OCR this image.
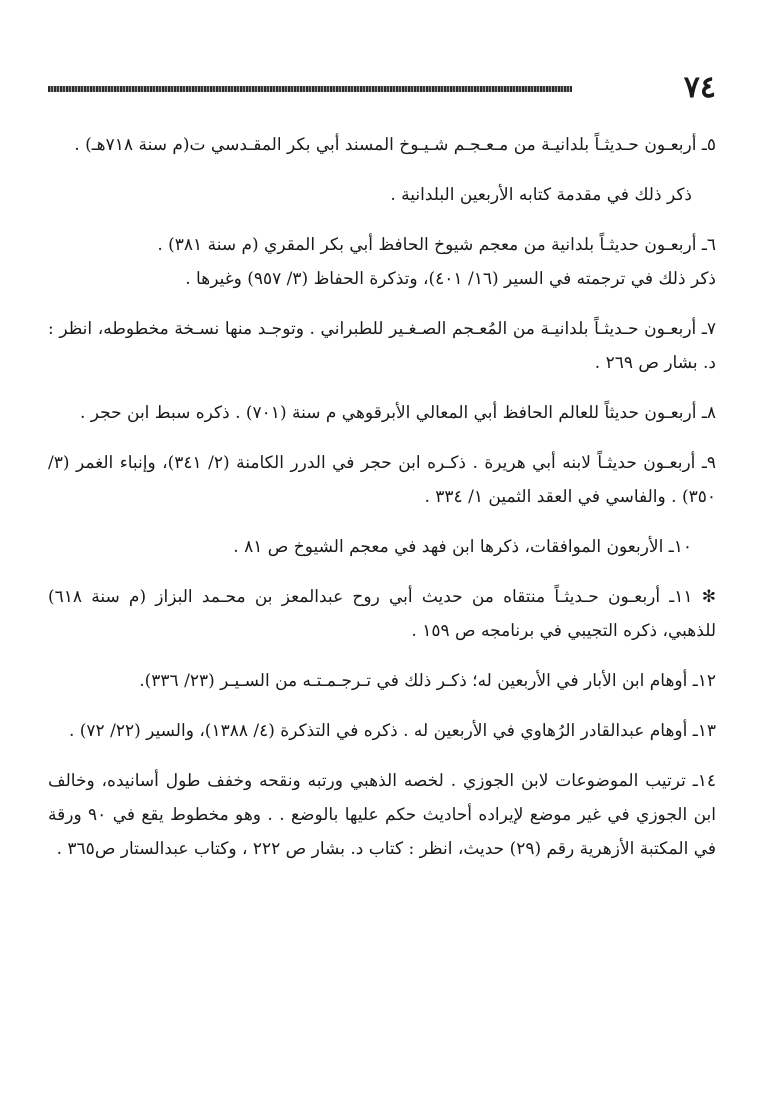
٧٤

٥ـ أربعـون حـديثـاً بلدانيـة من مـعـجـم شـيـوخ المسند أبي بكر المقـدسي ت(م سنة ٧١٨هـ) .

ذكر ذلك في مقدمة كتابه الأربعين البلدانية .

٦ـ أربعـون حديثـاً بلدانية من معجم شيوخ الحافظ أبي بكر المقري (م سنة ٣٨١) .

ذكر ذلك في ترجمته في السير (١٦/ ٤٠١)، وتذكرة الحفاظ (٣/ ٩٥٧) وغيرها .

٧ـ أربعـون حـديثـاً بلدانيـة من المُعـجم الصـغـير للطبراني . وتوجـد منها نسـخة مخطوطه، انظر : د. بشار ص ٢٦٩ .

٨ـ أربعـون حديثاً للعالم الحافظ أبي المعالي الأبرقوهي م سنة (٧٠١) . ذكره سبط ابن حجر .

٩ـ أربعـون حديثـاً لابنه أبي هريرة . ذكـره ابن حجر في الدرر الكامنة (٢/ ٣٤١)، وإنباء الغمر (٣/ ٣٥٠) . والفاسي في العقد الثمين ١/ ٣٣٤ .

١٠ـ الأربعون الموافقات، ذكرها ابن فهد في معجم الشيوخ ص ٨١ .

✻ ١١ـ أربعـون حـديثـاً منتقاه من حديث أبي روح عبدالمعز بن محـمد البزاز (م سنة ٦١٨) للذهبي، ذكره التجيبي في برنامجه ص ١٥٩ .

١٢ـ أوهام ابن الأبار في الأربعين له؛ ذكـر ذلك في تـرجـمـتـه من السـيـر (٢٣/ ٣٣٦).

١٣ـ أوهام عبدالقادر الرُهاوي في الأربعين له . ذكره في التذكرة (٤/ ١٣٨٨)، والسير (٢٢/ ٧٢) .

١٤ـ ترتيب الموضوعات لابن الجوزي . لخصه الذهبي ورتبه ونقحه وخفف طول أسانيده، وخالف ابن الجوزي في غير موضع لإيراده أحاديث حكم عليها بالوضع . . وهو مخطوط يقع في ٩٠ ورقة في المكتبة الأزهرية رقم (٢٩) حديث، انظر : كتاب د. بشار ص ٢٢٢ ، وكتاب عبدالستار ص٣٦٥ .
